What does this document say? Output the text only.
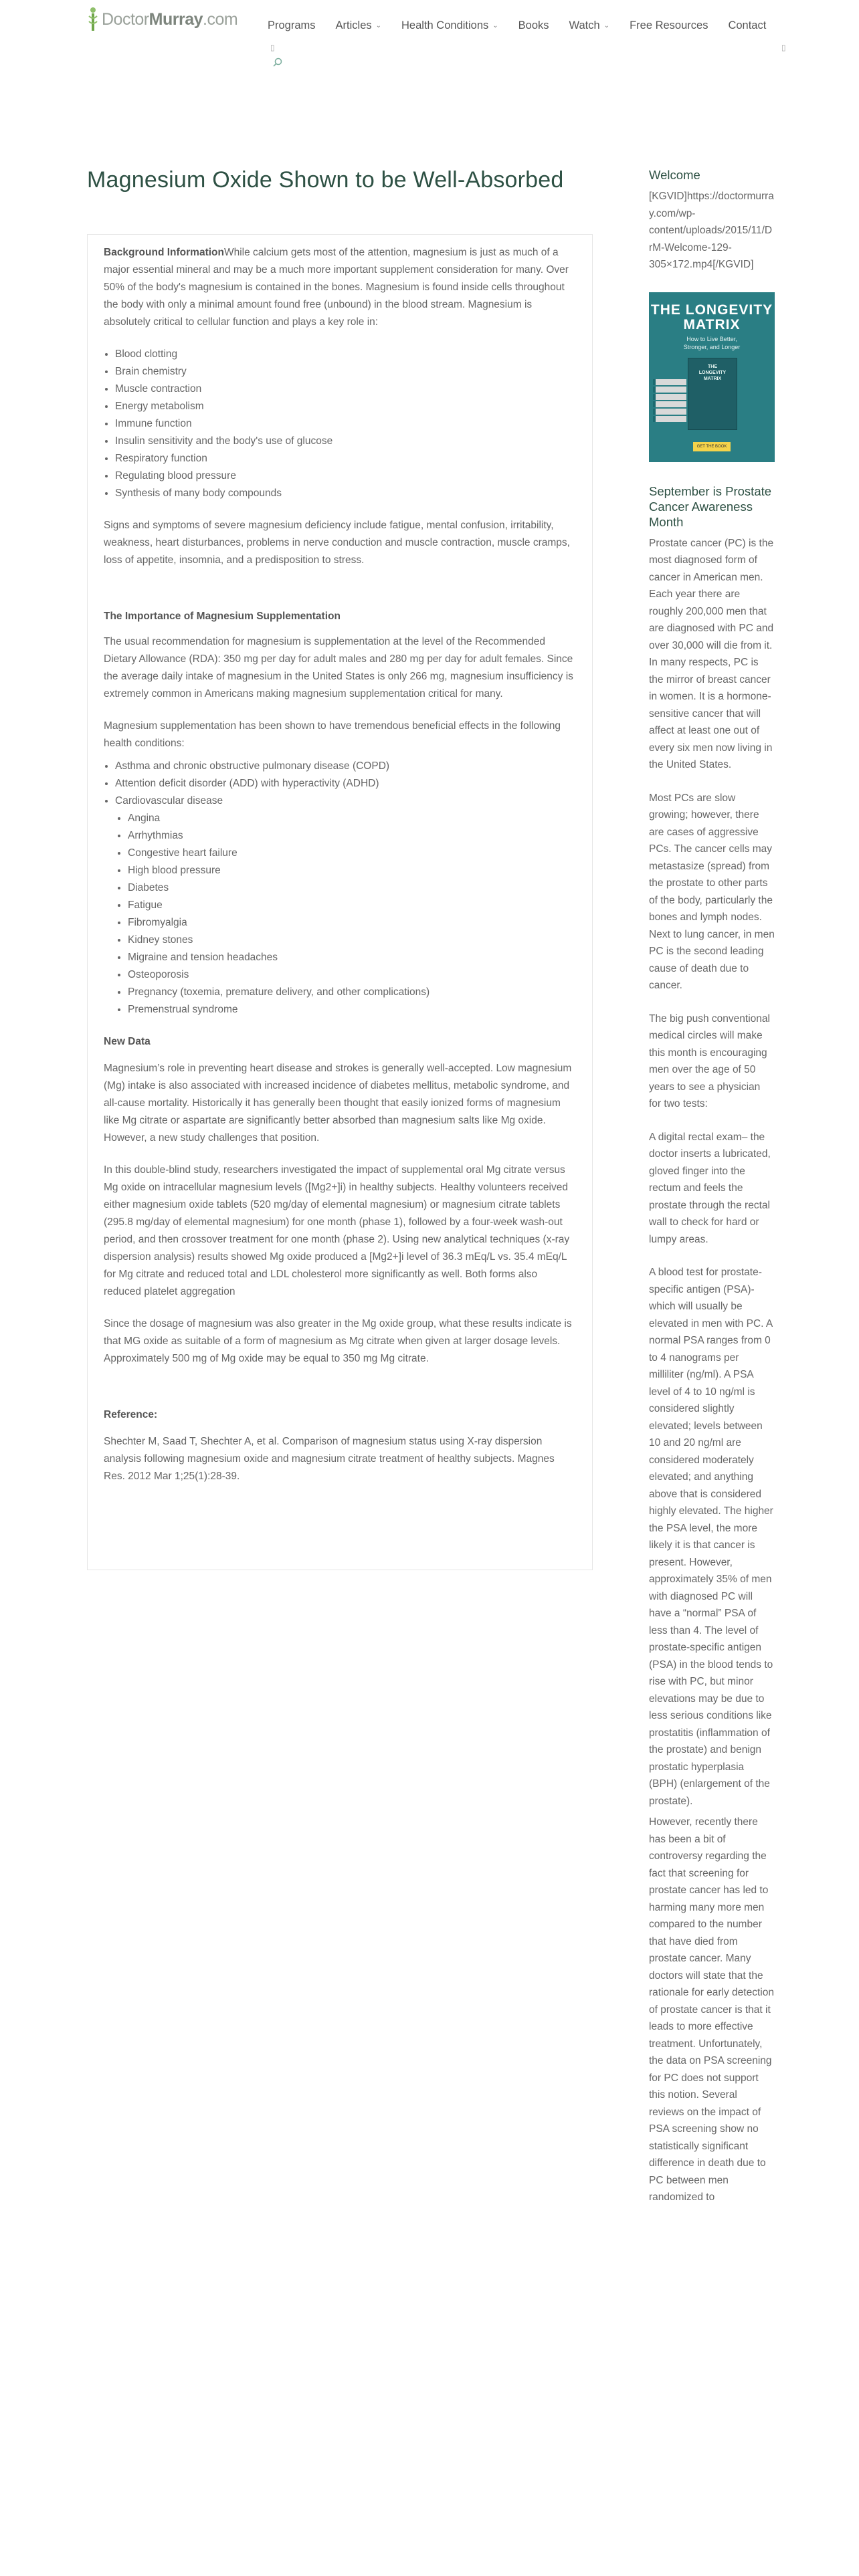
DoctorMurray.com	Programs Articles ⌄ Health Conditions ⌄ Books Watch ⌄ Free Resources Contact
▯	▯
Magnesium Oxide Shown to be Well-Absorbed

Background InformationWhile calcium gets most of the attention, magnesium is just as much of a major essential mineral and may be a much more important supplement consideration for many. Over 50% of the body's magnesium is contained in the bones. Magnesium is found inside cells throughout the body with only a minimal amount found free (unbound) in the blood stream. Magnesium is absolutely critical to cellular function and plays a key role in:

• Blood clotting
• Brain chemistry
• Muscle contraction
• Energy metabolism
• Immune function
• Insulin sensitivity and the body's use of glucose
• Respiratory function
• Regulating blood pressure
• Synthesis of many body compounds

Signs and symptoms of severe magnesium deficiency include fatigue, mental confusion, irritability, weakness, heart disturbances, problems in nerve conduction and muscle contraction, muscle cramps, loss of appetite, insomnia, and a predisposition to stress.

The Importance of Magnesium Supplementation

The usual recommendation for magnesium is supplementation at the level of the Recommended Dietary Allowance (RDA): 350 mg per day for adult males and 280 mg per day for adult females. Since the average daily intake of magnesium in the United States is only 266 mg, magnesium insufficiency is extremely common in Americans making magnesium supplementation critical for many.

Magnesium supplementation has been shown to have tremendous beneficial effects in the following health conditions:

• Asthma and chronic obstructive pulmonary disease (COPD)
• Attention deficit disorder (ADD) with hyperactivity (ADHD)
• Cardiovascular disease
• Angina
• Arrhythmias
• Congestive heart failure
• High blood pressure
• Diabetes
• Fatigue
• Fibromyalgia
• Kidney stones
• Migraine and tension headaches
• Osteoporosis
• Pregnancy (toxemia, premature delivery, and other complications)
• Premenstrual syndrome
New Data

Magnesium’s role in preventing heart disease and strokes is generally well-accepted. Low magnesium (Mg) intake is also associated with increased incidence of diabetes mellitus, metabolic syndrome, and all-cause mortality. Historically it has generally been thought that easily ionized forms of magnesium like Mg citrate or aspartate are significantly better absorbed than magnesium salts like Mg oxide. However, a new study challenges that position.

In this double-blind study, researchers investigated the impact of supplemental oral Mg citrate versus Mg oxide on intracellular magnesium levels ([Mg2+]i) in healthy subjects. Healthy volunteers received either magnesium oxide tablets (520 mg/day of elemental magnesium) or magnesium citrate tablets (295.8 mg/day of elemental magnesium) for one month (phase 1), followed by a four-week wash-out period, and then crossover treatment for one month (phase 2). Using new analytical techniques (x-ray dispersion analysis) results showed Mg oxide produced a [Mg2+]i level of 36.3 mEq/L vs. 35.4 mEq/L for Mg citrate and reduced total and LDL cholesterol more significantly as well. Both forms also reduced platelet aggregation

Since the dosage of magnesium was also greater in the Mg oxide group, what these results indicate is that MG oxide as suitable of a form of magnesium as Mg citrate when given at larger dosage levels. Approximately 500 mg of Mg oxide may be equal to 350 mg Mg citrate.

Reference:

Shechter M, Saad T, Shechter A, et al. Comparison of magnesium status using X-ray dispersion analysis following magnesium oxide and magnesium citrate treatment of healthy subjects. Magnes Res. 2012 Mar 1;25(1):28-39.

Welcome

[KGVID]https://doctormurray.com/wp-content/uploads/2015/11/DrM-Welcome-129-305×172.mp4[/KGVID]

THE LONGEVITY
MATRIX
How to Live Better,
Stronger, and Longer
THE
LONGEVITY
MATRIX
GET THE BOOK
September is Prostate Cancer Awareness Month

Prostate cancer (PC) is the most diagnosed form of cancer in American men. Each year there are roughly 200,000 men that are diagnosed with PC and over 30,000 will die from it. In many respects, PC is the mirror of breast cancer in women. It is a hormone-sensitive cancer that will affect at least one out of every six men now living in the United States.

Most PCs are slow growing; however, there are cases of aggressive PCs. The cancer cells may metastasize (spread) from the prostate to other parts of the body, particularly the bones and lymph nodes. Next to lung cancer, in men PC is the second leading cause of death due to cancer.

The big push conventional medical circles will make this month is encouraging men over the age of 50 years to see a physician for two tests:

A digital rectal exam– the doctor inserts a lubricated, gloved finger into the rectum and feels the prostate through the rectal wall to check for hard or lumpy areas.

A blood test for prostate-specific antigen (PSA)- which will usually be elevated in men with PC. A normal PSA ranges from 0 to 4 nanograms per milliliter (ng/ml). A PSA level of 4 to 10 ng/ml is considered slightly elevated; levels between 10 and 20 ng/ml are considered moderately elevated; and anything above that is considered highly elevated. The higher the PSA level, the more likely it is that cancer is present. However, approximately 35% of men with diagnosed PC will have a “normal” PSA of less than 4. The level of prostate-specific antigen (PSA) in the blood tends to rise with PC, but minor elevations may be due to less serious conditions like prostatitis (inflammation of the prostate) and benign prostatic hyperplasia (BPH) (enlargement of the prostate).

However, recently there has been a bit of controversy regarding the fact that screening for prostate cancer has led to harming many more men compared to the number that have died from prostate cancer. Many doctors will state that the rationale for early detection of prostate cancer is that it leads to more effective treatment. Unfortunately, the data on PSA screening for PC does not support this notion. Several reviews on the impact of PSA screening show no statistically significant difference in death due to PC between men randomized to
